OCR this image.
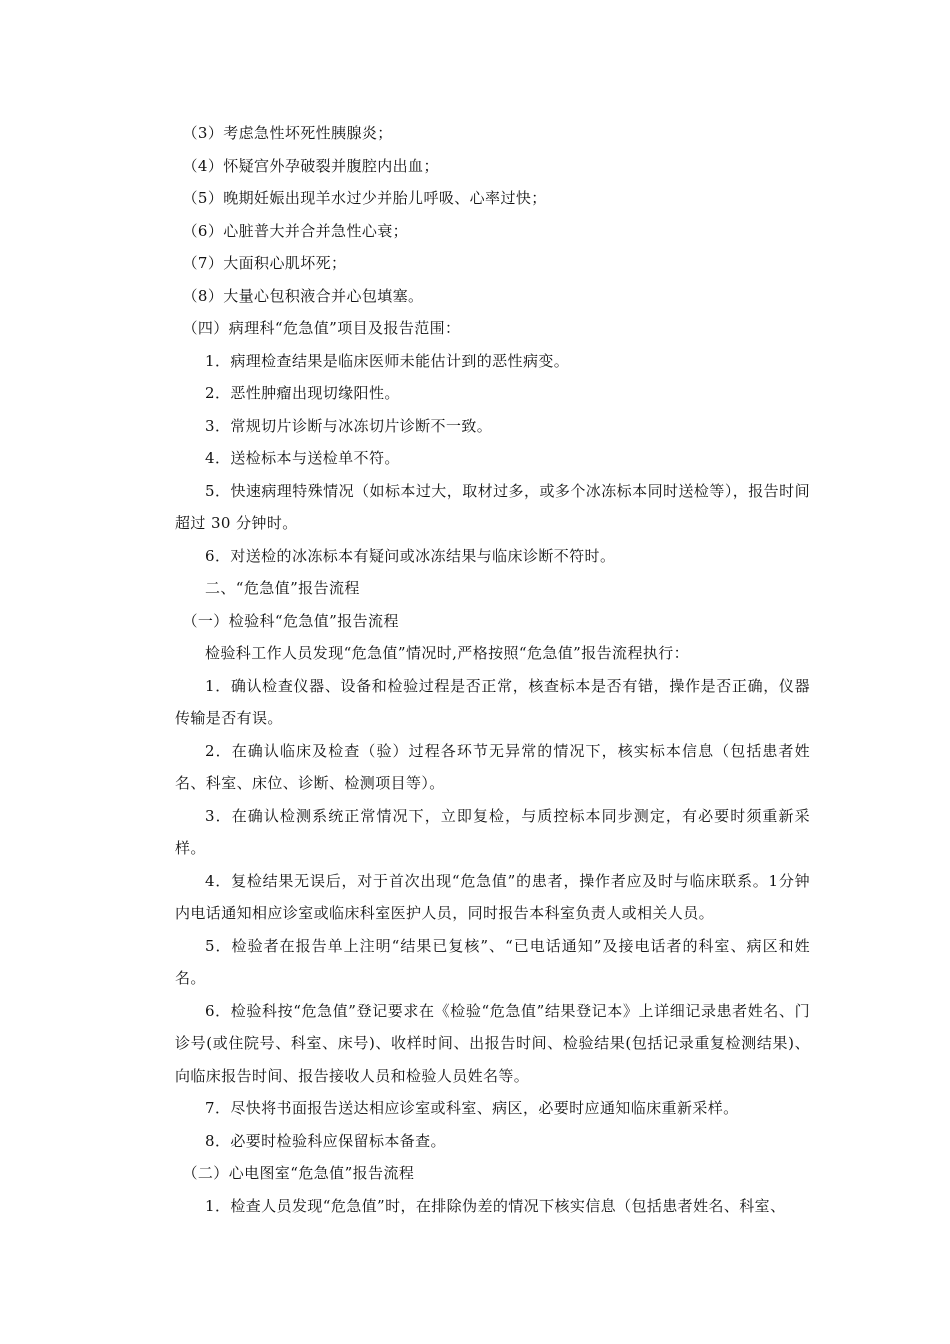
（3）考虑急性坏死性胰腺炎；

（4）怀疑宫外孕破裂并腹腔内出血；

（5）晚期妊娠出现羊水过少并胎儿呼吸、心率过快；

（6）心脏普大并合并急性心衰；

（7）大面积心肌坏死；

（8）大量心包积液合并心包填塞。

（四）病理科“危急值”项目及报告范围：

1．病理检查结果是临床医师未能估计到的恶性病变。

2．恶性肿瘤出现切缘阳性。

3．常规切片诊断与冰冻切片诊断不一致。

4．送检标本与送检单不符。

5．快速病理特殊情况（如标本过大，取材过多，或多个冰冻标本同时送检等），报告时间超过 30 分钟时。

6．对送检的冰冻标本有疑问或冰冻结果与临床诊断不符时。

二、“危急值”报告流程

（一）检验科“危急值”报告流程

检验科工作人员发现“危急值”情况时,严格按照“危急值”报告流程执行：

1．确认检查仪器、设备和检验过程是否正常，核查标本是否有错，操作是否正确，仪器传输是否有误。

2．在确认临床及检查（验）过程各环节无异常的情况下，核实标本信息（包括患者姓名、科室、床位、诊断、检测项目等）。

3．在确认检测系统正常情况下，立即复检，与质控标本同步测定，有必要时须重新采样。

4．复检结果无误后，对于首次出现“危急值”的患者，操作者应及时与临床联系。1分钟内电话通知相应诊室或临床科室医护人员，同时报告本科室负责人或相关人员。

5．检验者在报告单上注明“结果已复核”、“已电话通知”及接电话者的科室、病区和姓名。

6．检验科按“危急值”登记要求在《检验“危急值”结果登记本》上详细记录患者姓名、门诊号(或住院号、科室、床号)、收样时间、出报告时间、检验结果(包括记录重复检测结果)、向临床报告时间、报告接收人员和检验人员姓名等。

7．尽快将书面报告送达相应诊室或科室、病区，必要时应通知临床重新采样。

8．必要时检验科应保留标本备查。

（二）心电图室“危急值”报告流程

1．检查人员发现“危急值”时，在排除伪差的情况下核实信息（包括患者姓名、科室、
